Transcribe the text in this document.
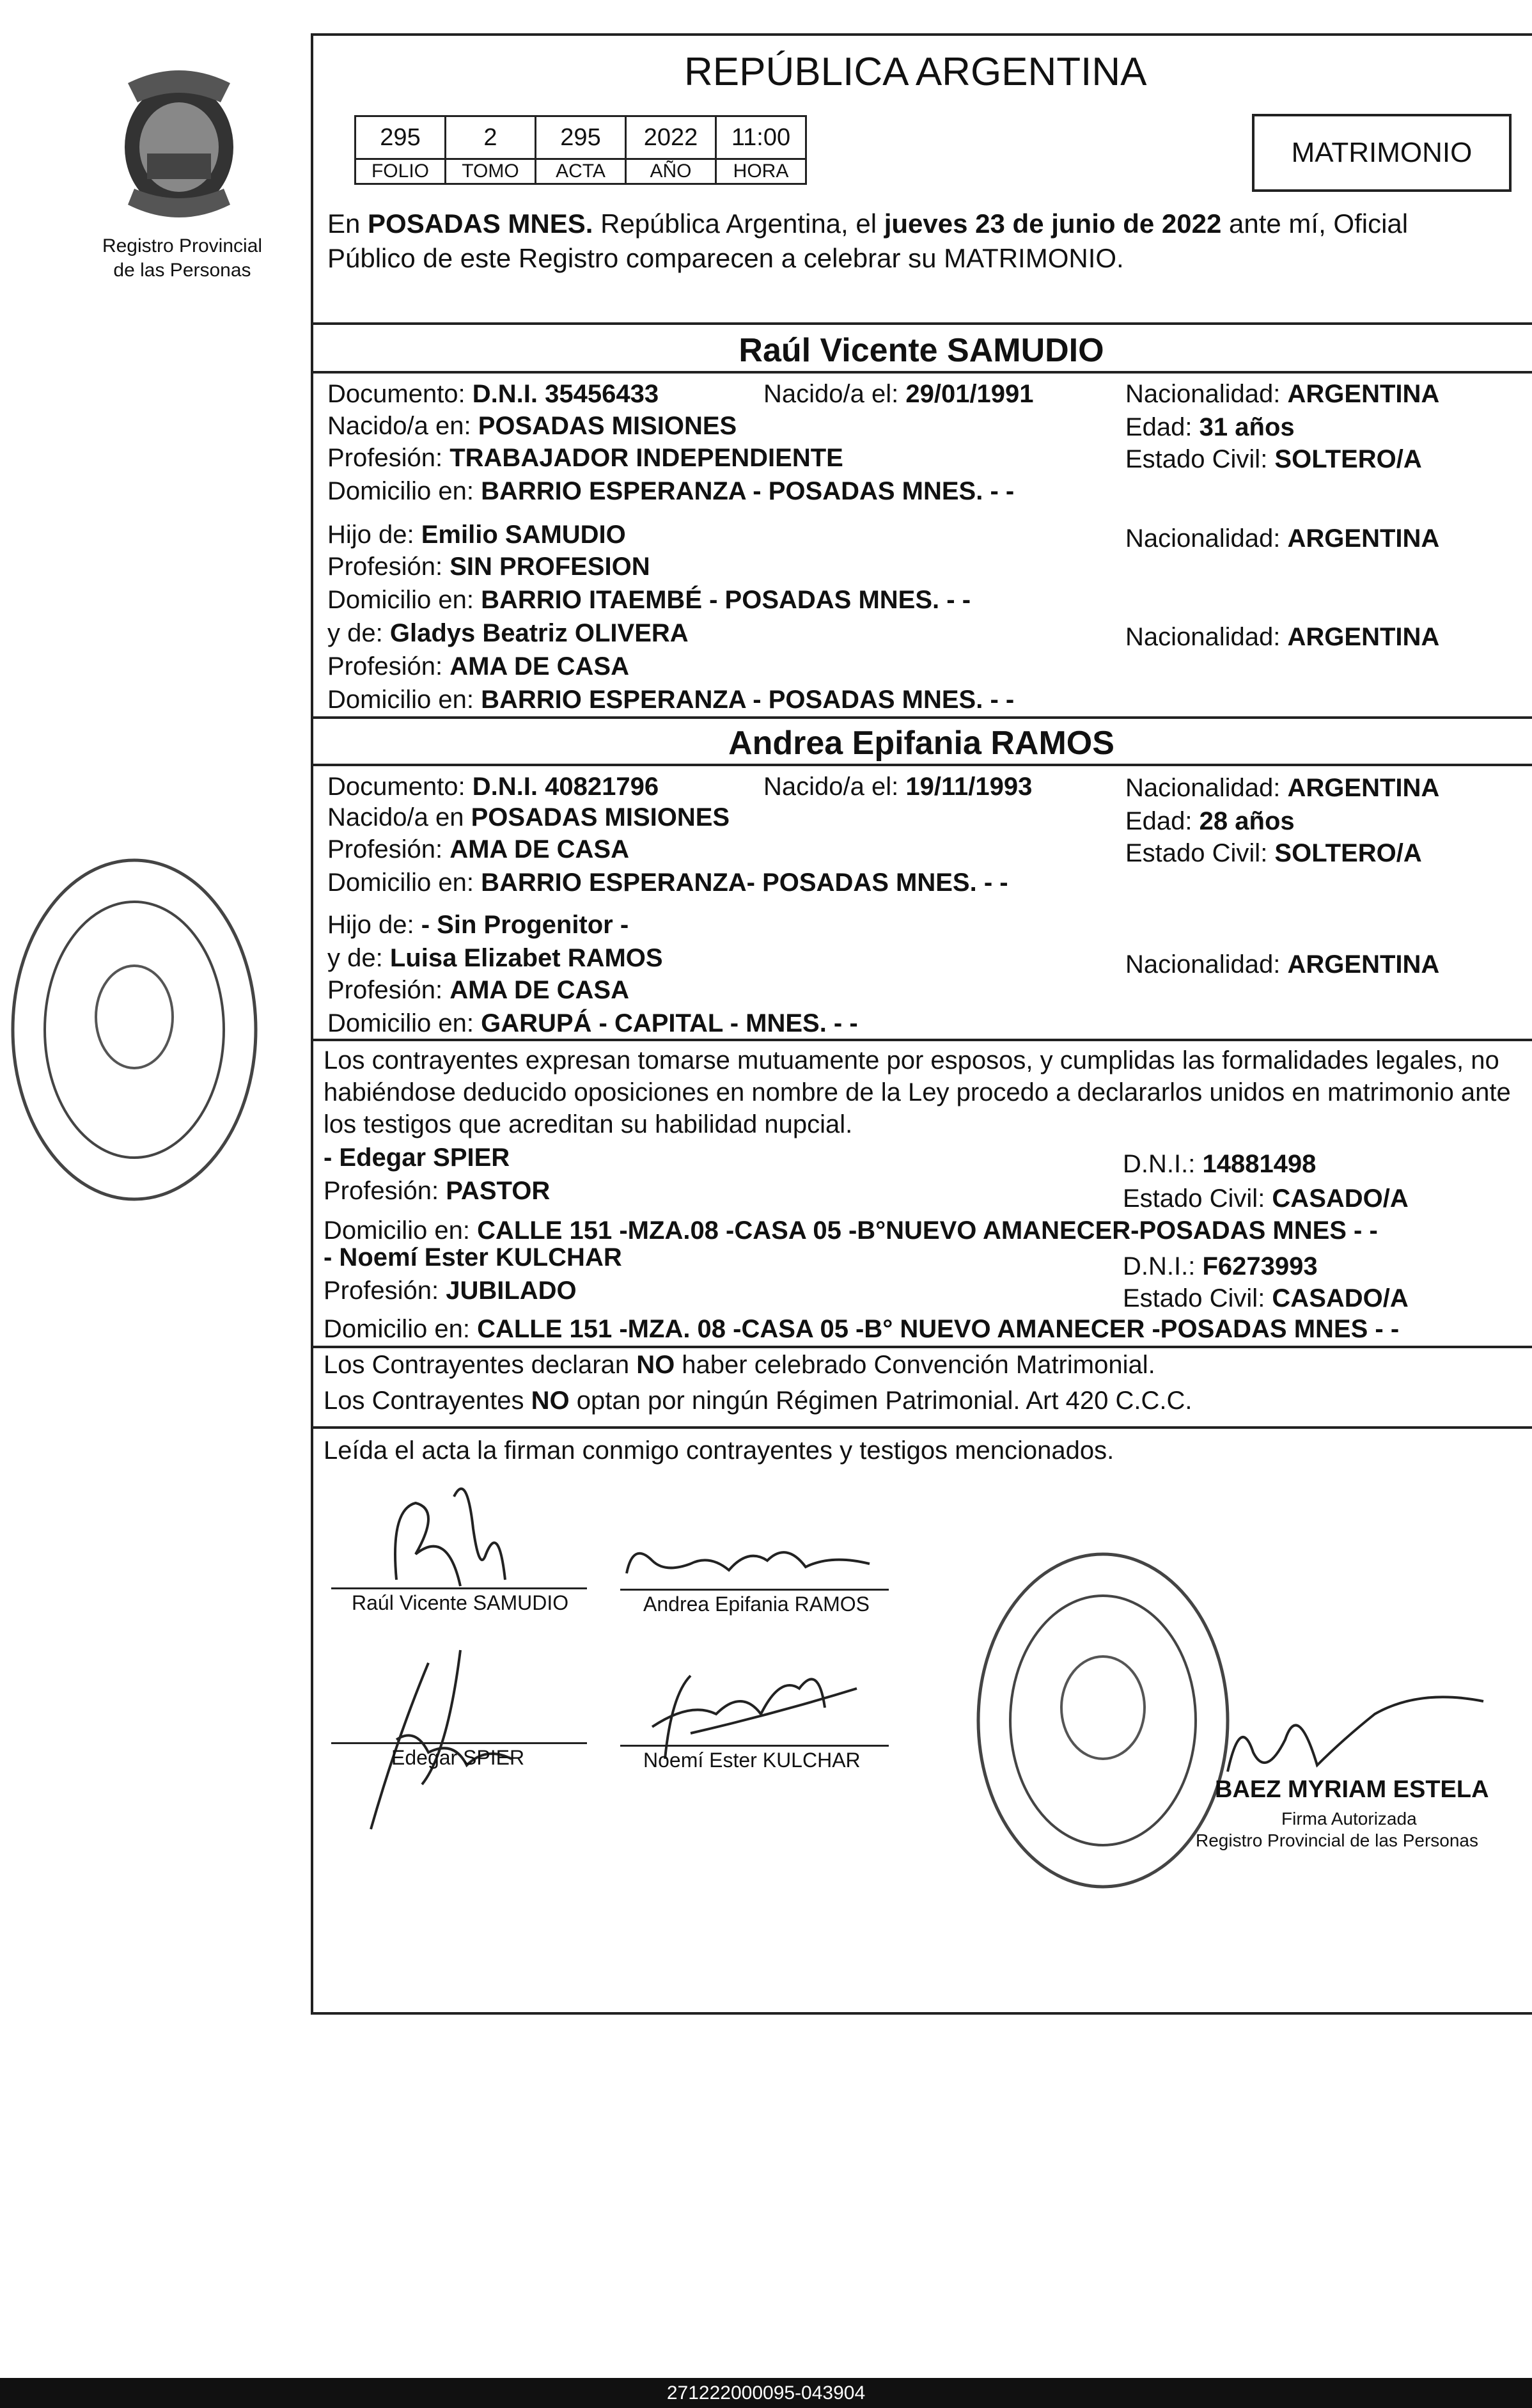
Registro Provincial
de las Personas
REPÚBLICA ARGENTINA
295	2	295	2022	11:00
FOLIO	TOMO	ACTA	AÑO	HORA
MATRIMONIO
En POSADAS MNES. República Argentina, el jueves 23 de junio de 2022 ante mí, Oficial
Público de este Registro comparecen a celebrar su MATRIMONIO.
Raúl Vicente SAMUDIO
Documento: D.N.I. 35456433	Nacido/a el: 29/01/1991	Nacionalidad: ARGENTINA
Nacido/a en: POSADAS MISIONES	Edad: 31 años
Profesión: TRABAJADOR INDEPENDIENTE	Estado Civil: SOLTERO/A
Domicilio en: BARRIO ESPERANZA - POSADAS MNES. - -
Hijo de: Emilio SAMUDIO	Nacionalidad: ARGENTINA
Profesión: SIN PROFESION
Domicilio en: BARRIO ITAEMBÉ - POSADAS MNES. - -
y de: Gladys Beatriz OLIVERA	Nacionalidad: ARGENTINA
Profesión: AMA DE CASA
Domicilio en: BARRIO ESPERANZA - POSADAS MNES. - -
Andrea Epifania RAMOS
Documento: D.N.I. 40821796	Nacido/a el: 19/11/1993	Nacionalidad: ARGENTINA
Nacido/a en POSADAS MISIONES	Edad: 28 años
Profesión: AMA DE CASA	Estado Civil: SOLTERO/A
Domicilio en: BARRIO ESPERANZA- POSADAS MNES. - -
Hijo de: - Sin Progenitor -
y de: Luisa Elizabet RAMOS	Nacionalidad: ARGENTINA
Profesión: AMA DE CASA
Domicilio en: GARUPÁ - CAPITAL - MNES. - -
Los contrayentes expresan tomarse mutuamente por esposos, y cumplidas las formalidades legales, no
habiéndose deducido oposiciones en nombre de la Ley procedo a declararlos unidos en matrimonio ante
los testigos que acreditan su habilidad nupcial.
- Edegar SPIER	D.N.I.: 14881498
Profesión: PASTOR	Estado Civil: CASADO/A
Domicilio en: CALLE 151 -MZA.08 -CASA 05 -B°NUEVO AMANECER-POSADAS MNES - -
- Noemí Ester KULCHAR	D.N.I.: F6273993
Profesión: JUBILADO	Estado Civil: CASADO/A
Domicilio en: CALLE 151 -MZA. 08 -CASA 05 -B° NUEVO AMANECER -POSADAS MNES - -
Los Contrayentes declaran NO haber celebrado Convención Matrimonial.
Los Contrayentes NO optan por ningún Régimen Patrimonial. Art 420 C.C.C.
Leída el acta la firman conmigo contrayentes y testigos mencionados.
Raúl Vicente SAMUDIO	Andrea Epifania RAMOS
Edegar SPIER	Noemí Ester KULCHAR
BAEZ MYRIAM ESTELA
Firma Autorizada
Registro Provincial de las Personas
271222000095-043904
